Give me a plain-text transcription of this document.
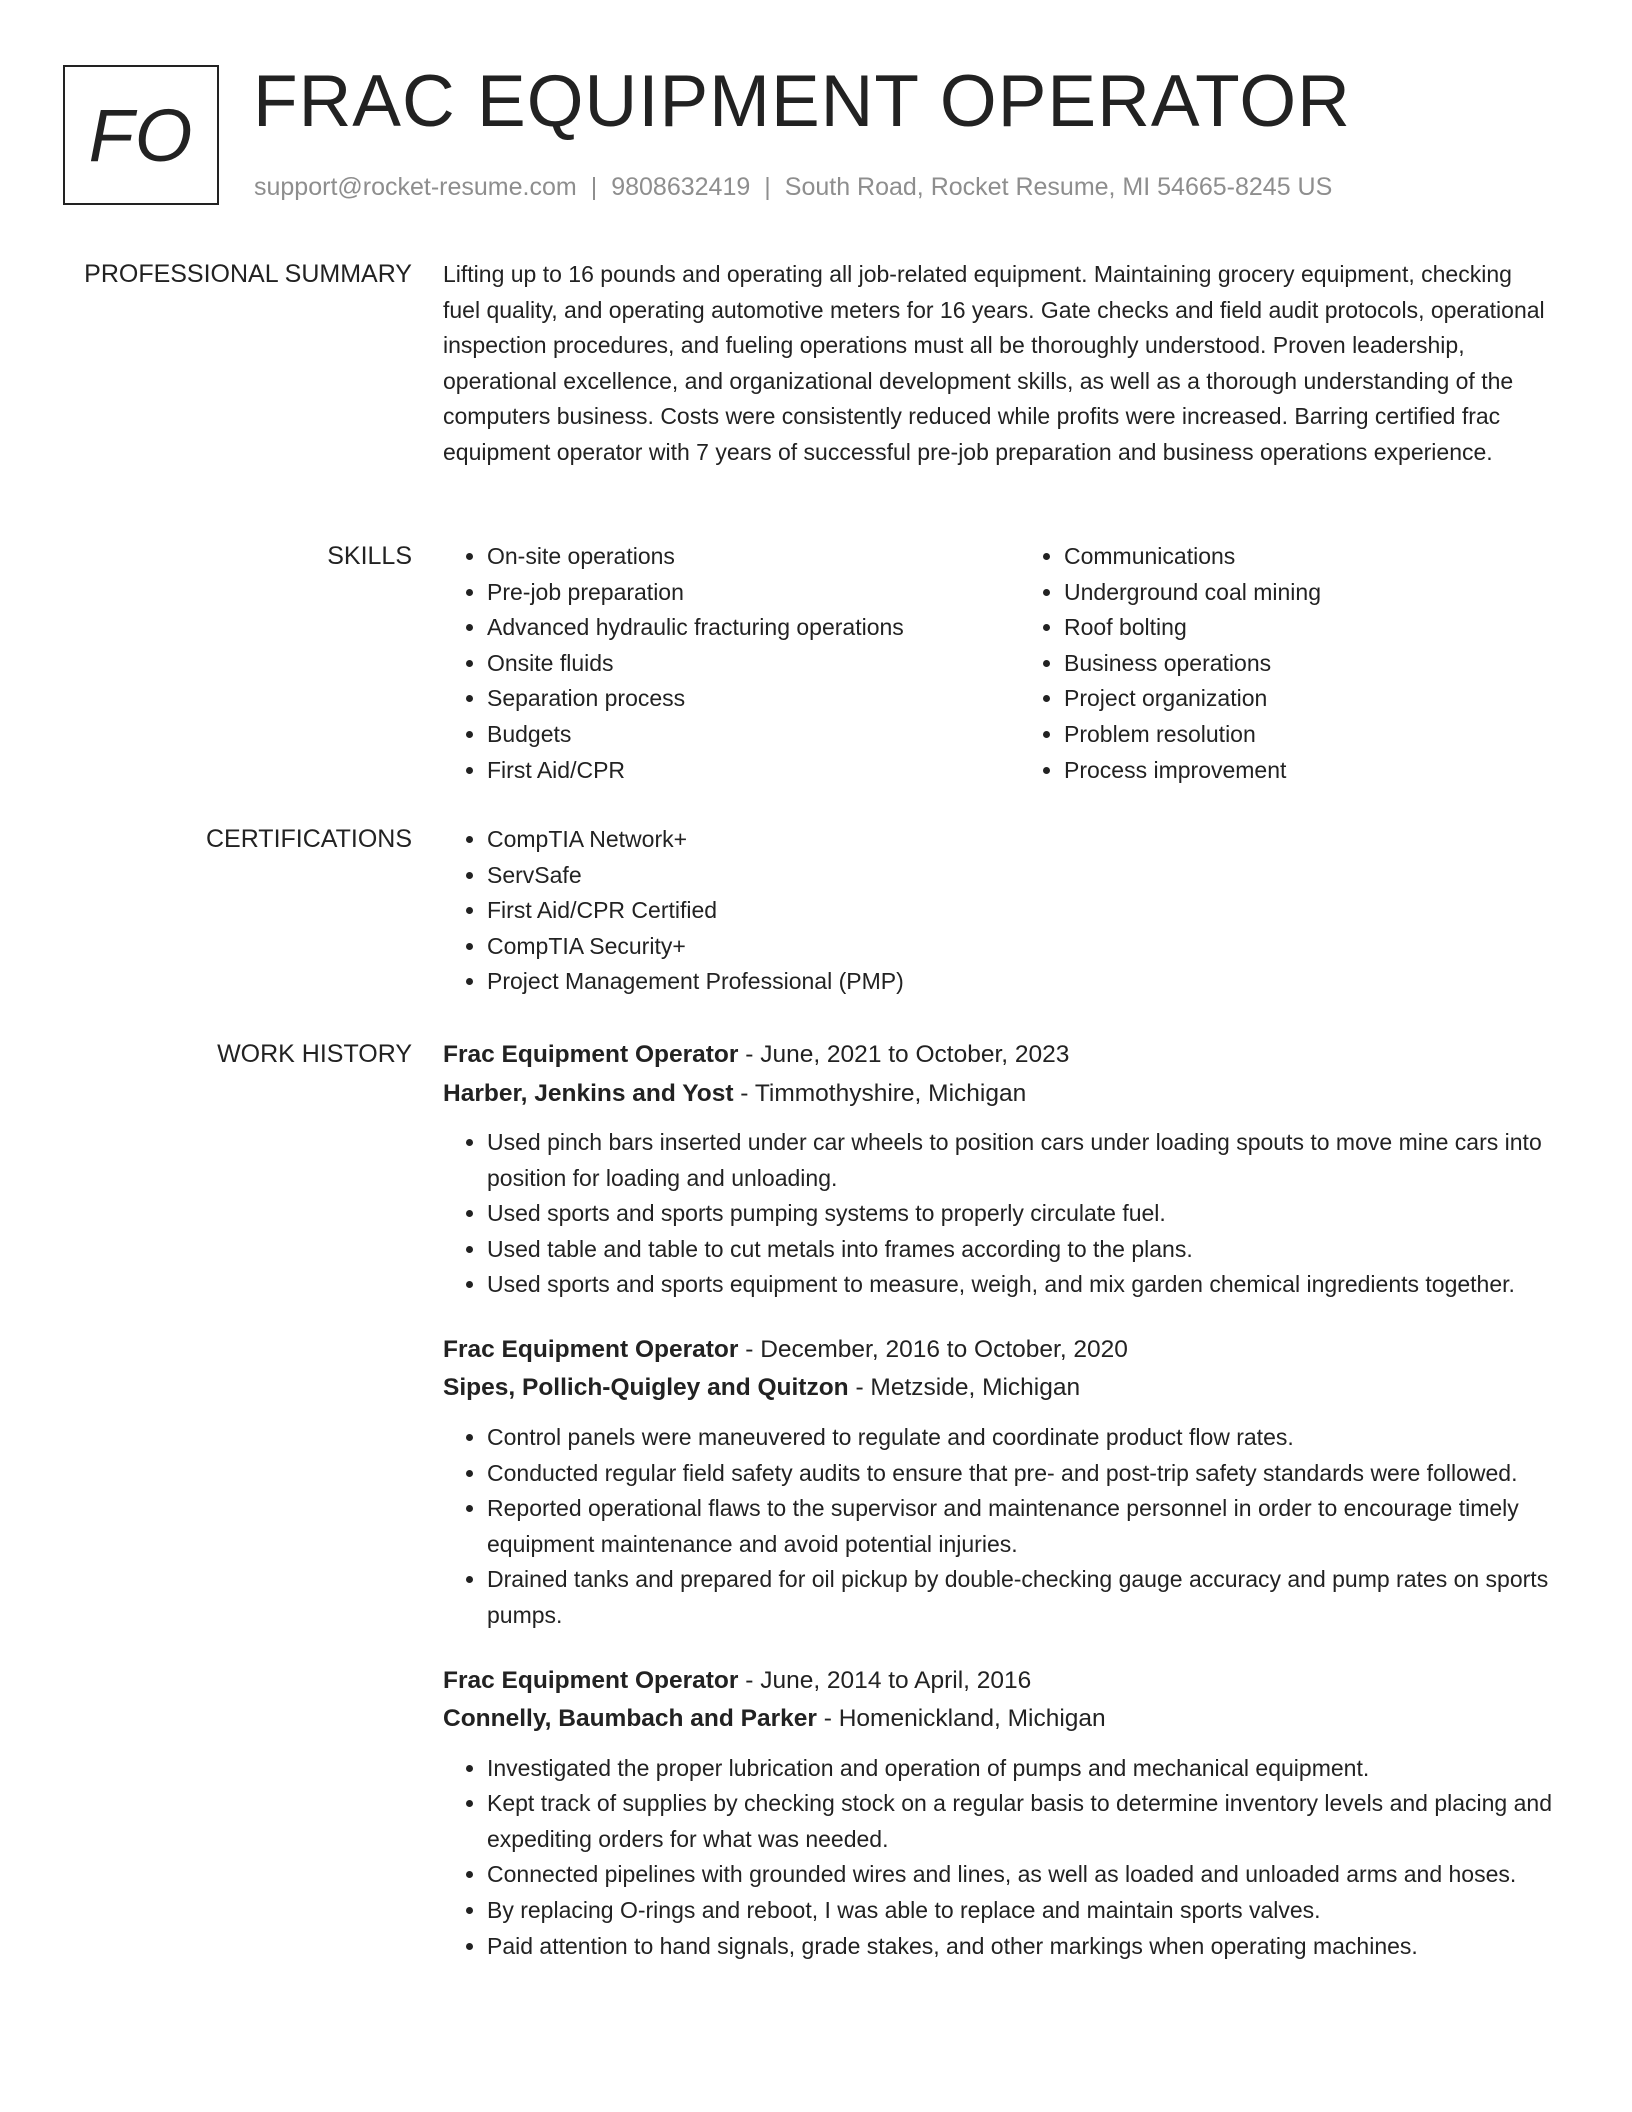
FO FRAC EQUIPMENT OPERATOR
support@rocket-resume.com | 9808632419 | South Road, Rocket Resume, MI 54665-8245 US
PROFESSIONAL SUMMARY Lifting up to 16 pounds and operating all job-related equipment. Maintaining grocery equipment, checking fuel quality, and operating automotive meters for 16 years. Gate checks and field audit protocols, operational inspection procedures, and fueling operations must all be thoroughly understood. Proven leadership, operational excellence, and organizational development skills, as well as a thorough understanding of the computers business. Costs were consistently reduced while profits were increased. Barring certified frac equipment operator with 7 years of successful pre-job preparation and business operations experience.

SKILLS	• On-site operations
• Pre-job preparation
• Advanced hydraulic fracturing operations
• Onsite fluids
• Separation process
• Budgets
• First Aid/CPR
• Communications
• Underground coal mining
• Roof bolting
• Business operations
• Project organization
• Problem resolution
• Process improvement
CERTIFICATIONS	• CompTIA Network+
• ServSafe
• First Aid/CPR Certified
• CompTIA Security+
• Project Management Professional (PMP)
WORK HISTORY Frac Equipment Operator - June, 2021 to October, 2023

Harber, Jenkins and Yost - Timmothyshire, Michigan

• Used pinch bars inserted under car wheels to position cars under loading spouts to move mine cars into position for loading and unloading.
• Used sports and sports pumping systems to properly circulate fuel.
• Used table and table to cut metals into frames according to the plans.
• Used sports and sports equipment to measure, weigh, and mix garden chemical ingredients together.

Frac Equipment Operator - December, 2016 to October, 2020

Sipes, Pollich-Quigley and Quitzon - Metzside, Michigan

• Control panels were maneuvered to regulate and coordinate product flow rates.
• Conducted regular field safety audits to ensure that pre- and post-trip safety standards were followed.
• Reported operational flaws to the supervisor and maintenance personnel in order to encourage timely equipment maintenance and avoid potential injuries.
• Drained tanks and prepared for oil pickup by double-checking gauge accuracy and pump rates on sports pumps.

Frac Equipment Operator - June, 2014 to April, 2016

Connelly, Baumbach and Parker - Homenickland, Michigan

• Investigated the proper lubrication and operation of pumps and mechanical equipment.
• Kept track of supplies by checking stock on a regular basis to determine inventory levels and placing and expediting orders for what was needed.
• Connected pipelines with grounded wires and lines, as well as loaded and unloaded arms and hoses.
• By replacing O-rings and reboot, I was able to replace and maintain sports valves.
• Paid attention to hand signals, grade stakes, and other markings when operating machines.
